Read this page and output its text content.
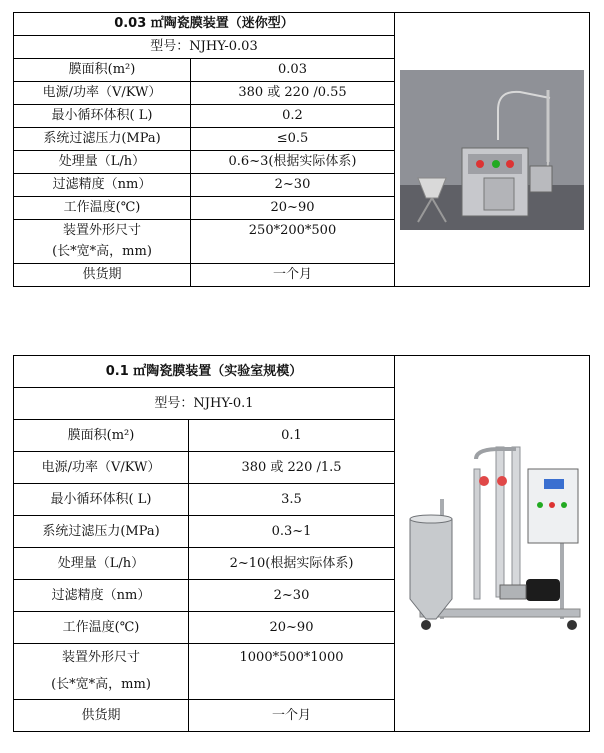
0.03 ㎡陶瓷膜装置（迷你型）	

型号：NJHY-0.03		
膜面积(m²)	0.03	
电源/功率（V/KW）	380 或 220 /0.55	
最小循环体积( L)	0.2	
系统过滤压力(MPa)	≤0.5	
处理量（L/h）	0.6~3(根据实际体系)	
过滤精度（nm）	2~30	
工作温度(℃)	20~90	
装置外形尺寸	250*200*500	
(长*宽*高，mm)		
供货期	一个月	
0.1 ㎡陶瓷膜装置（实验室规模）	

型号：NJHY-0.1		
膜面积(m²)	0.1	
电源/功率（V/KW）	380 或 220 /1.5	
最小循环体积( L)	3.5	
系统过滤压力(MPa)	0.3~1	
处理量（L/h）	2~10(根据实际体系)	
过滤精度（nm）	2~30	
工作温度(℃)	20~90	
装置外形尺寸	1000*500*1000	
(长*宽*高，mm)		
供货期	一个月	
